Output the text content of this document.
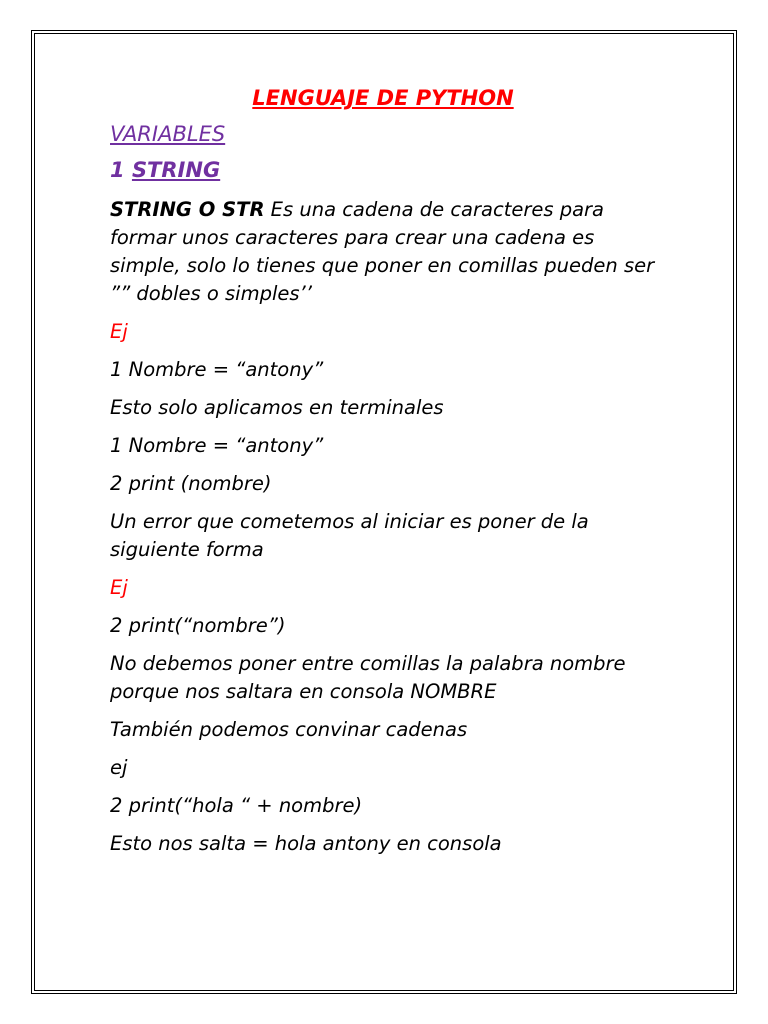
LENGUAJE DE PYTHON
VARIABLES
1 STRING

STRING O STR Es una cadena de caracteres para formar unos caracteres para crear una cadena es simple, solo lo tienes que poner en comillas pueden ser ”” dobles o simples’’

Ej

1 Nombre = “antony”

Esto solo aplicamos en terminales

1 Nombre = “antony”

2 print (nombre)

Un error que cometemos al iniciar es poner de la siguiente forma

Ej

2 print(“nombre”)

No debemos poner entre comillas la palabra nombre porque nos saltara en consola NOMBRE

También podemos convinar cadenas

ej

2 print(“hola “ + nombre)

Esto nos salta = hola antony en consola
